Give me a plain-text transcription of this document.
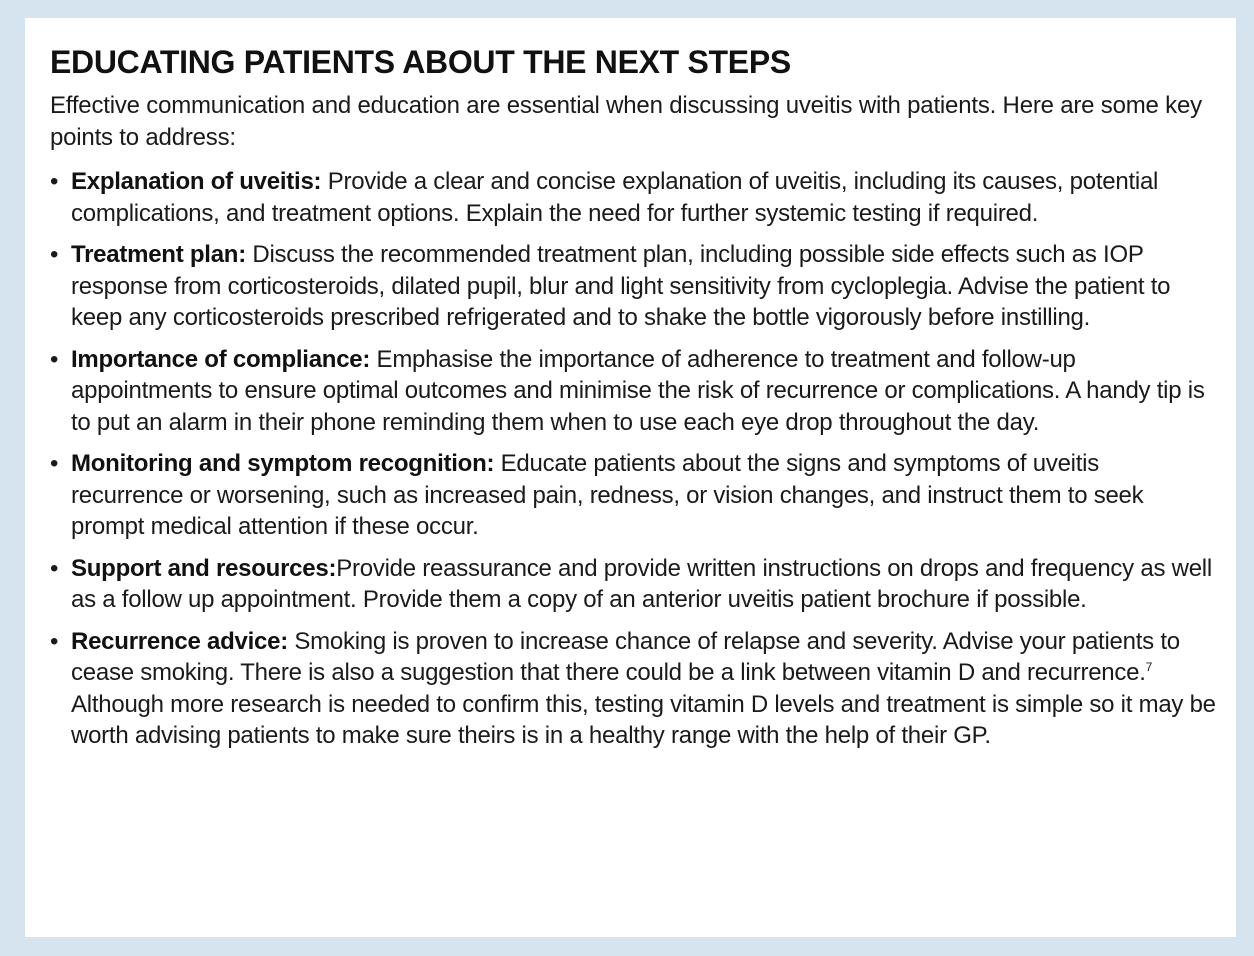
EDUCATING PATIENTS ABOUT THE NEXT STEPS

Effective communication and education are essential when discussing uveitis with patients. Here are some key points to address:

• Explanation of uveitis: Provide a clear and concise explanation of uveitis, including its causes, potential complications, and treatment options. Explain the need for further systemic testing if required.
• Treatment plan: Discuss the recommended treatment plan, including possible side effects such as IOP response from corticosteroids, dilated pupil, blur and light sensitivity from cycloplegia. Advise the patient to keep any corticosteroids prescribed refrigerated and to shake the bottle vigorously before instilling.
• Importance of compliance: Emphasise the importance of adherence to treatment and follow-up appointments to ensure optimal outcomes and minimise the risk of recurrence or complications. A handy tip is to put an alarm in their phone reminding them when to use each eye drop throughout the day.
• Monitoring and symptom recognition: Educate patients about the signs and symptoms of uveitis recurrence or worsening, such as increased pain, redness, or vision changes, and instruct them to seek prompt medical attention if these occur.
• Support and resources:Provide reassurance and provide written instructions on drops and frequency as well as a follow up appointment. Provide them a copy of an anterior uveitis patient brochure if possible.
• Recurrence advice: Smoking is proven to increase chance of relapse and severity. Advise your patients to cease smoking. There is also a suggestion that there could be a link between vitamin D and recurrence.$^7$ Although more research is needed to confirm this, testing vitamin D levels and treatment is simple so it may be worth advising patients to make sure theirs is in a healthy range with the help of their GP.
